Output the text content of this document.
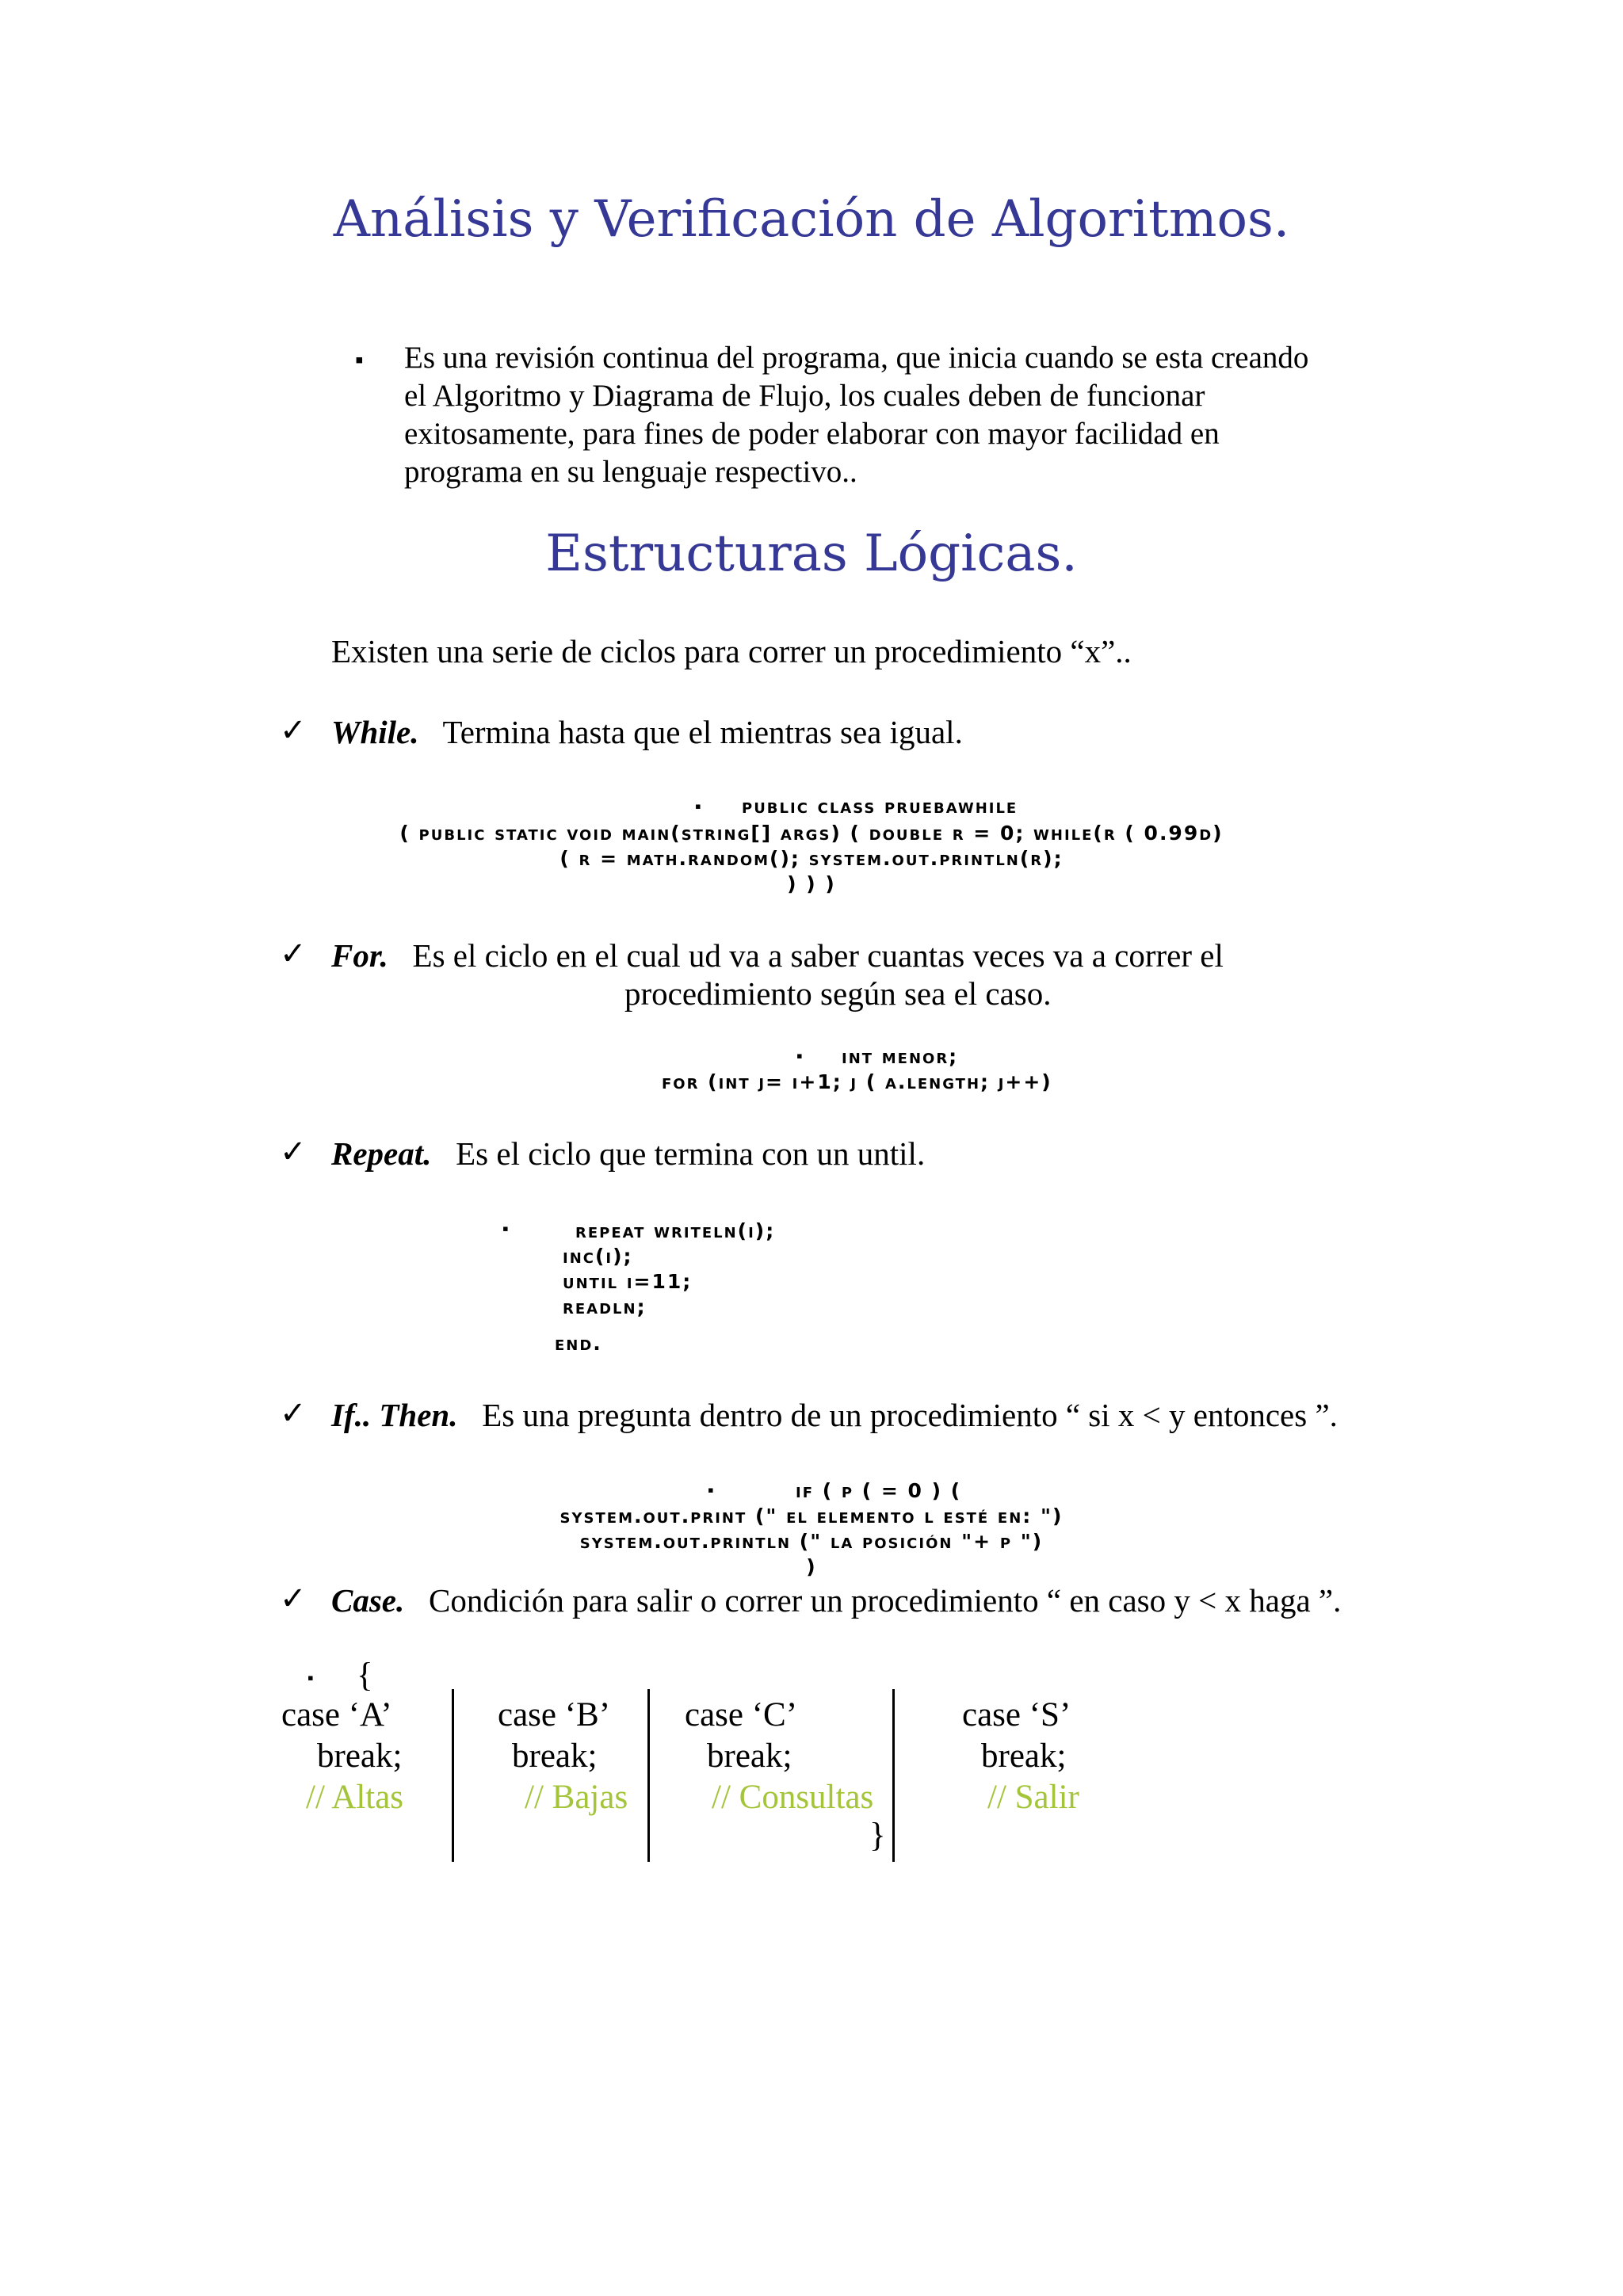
Análisis y Verificación de Algoritmos.
▪ Es una revisión continua del programa, que inicia cuando se esta creando
el Algoritmo y Diagrama de Flujo, los cuales deben de funcionar
exitosamente, para fines de poder elaborar con mayor facilidad en
programa en su lenguaje respectivo..
Estructuras Lógicas.
Existen una serie de ciclos para correr un procedimiento “x”..
✓ While. Termina hasta que el mientras sea igual.
▪ public class pruebawhile
( public static void main(string[] args) ( double r = 0; while(r ( 0.99d)
( r = math.random(); system.out.println(r);
) ) )
✓ For. Es el ciclo en el cual ud va a saber cuantas veces va a correr el
procedimiento según sea el caso.
▪ int menor;
for (int j= i+1; j ( a.length; j++)
✓ Repeat. Es el ciclo que termina con un until.
▪	repeat writeln(i);
inc(i);
until i=11;
readln;
end.
✓ If.. Then. Es una pregunta dentro de un procedimiento “ si x < y entonces ”.
▪	if ( p ( = 0 ) (
system.out.print (" el elemento l esté en: ")
system.out.println (" la posición "+ p ")
)
✓ Case. Condición para salir o correr un procedimiento “ en caso y < x haga ”.
▪ {
case ‘A’
break;
// Altas
case ‘B’
break;
// Bajas
case ‘C’
break;
// Consultas
}
case ‘S’
break;
// Salir
